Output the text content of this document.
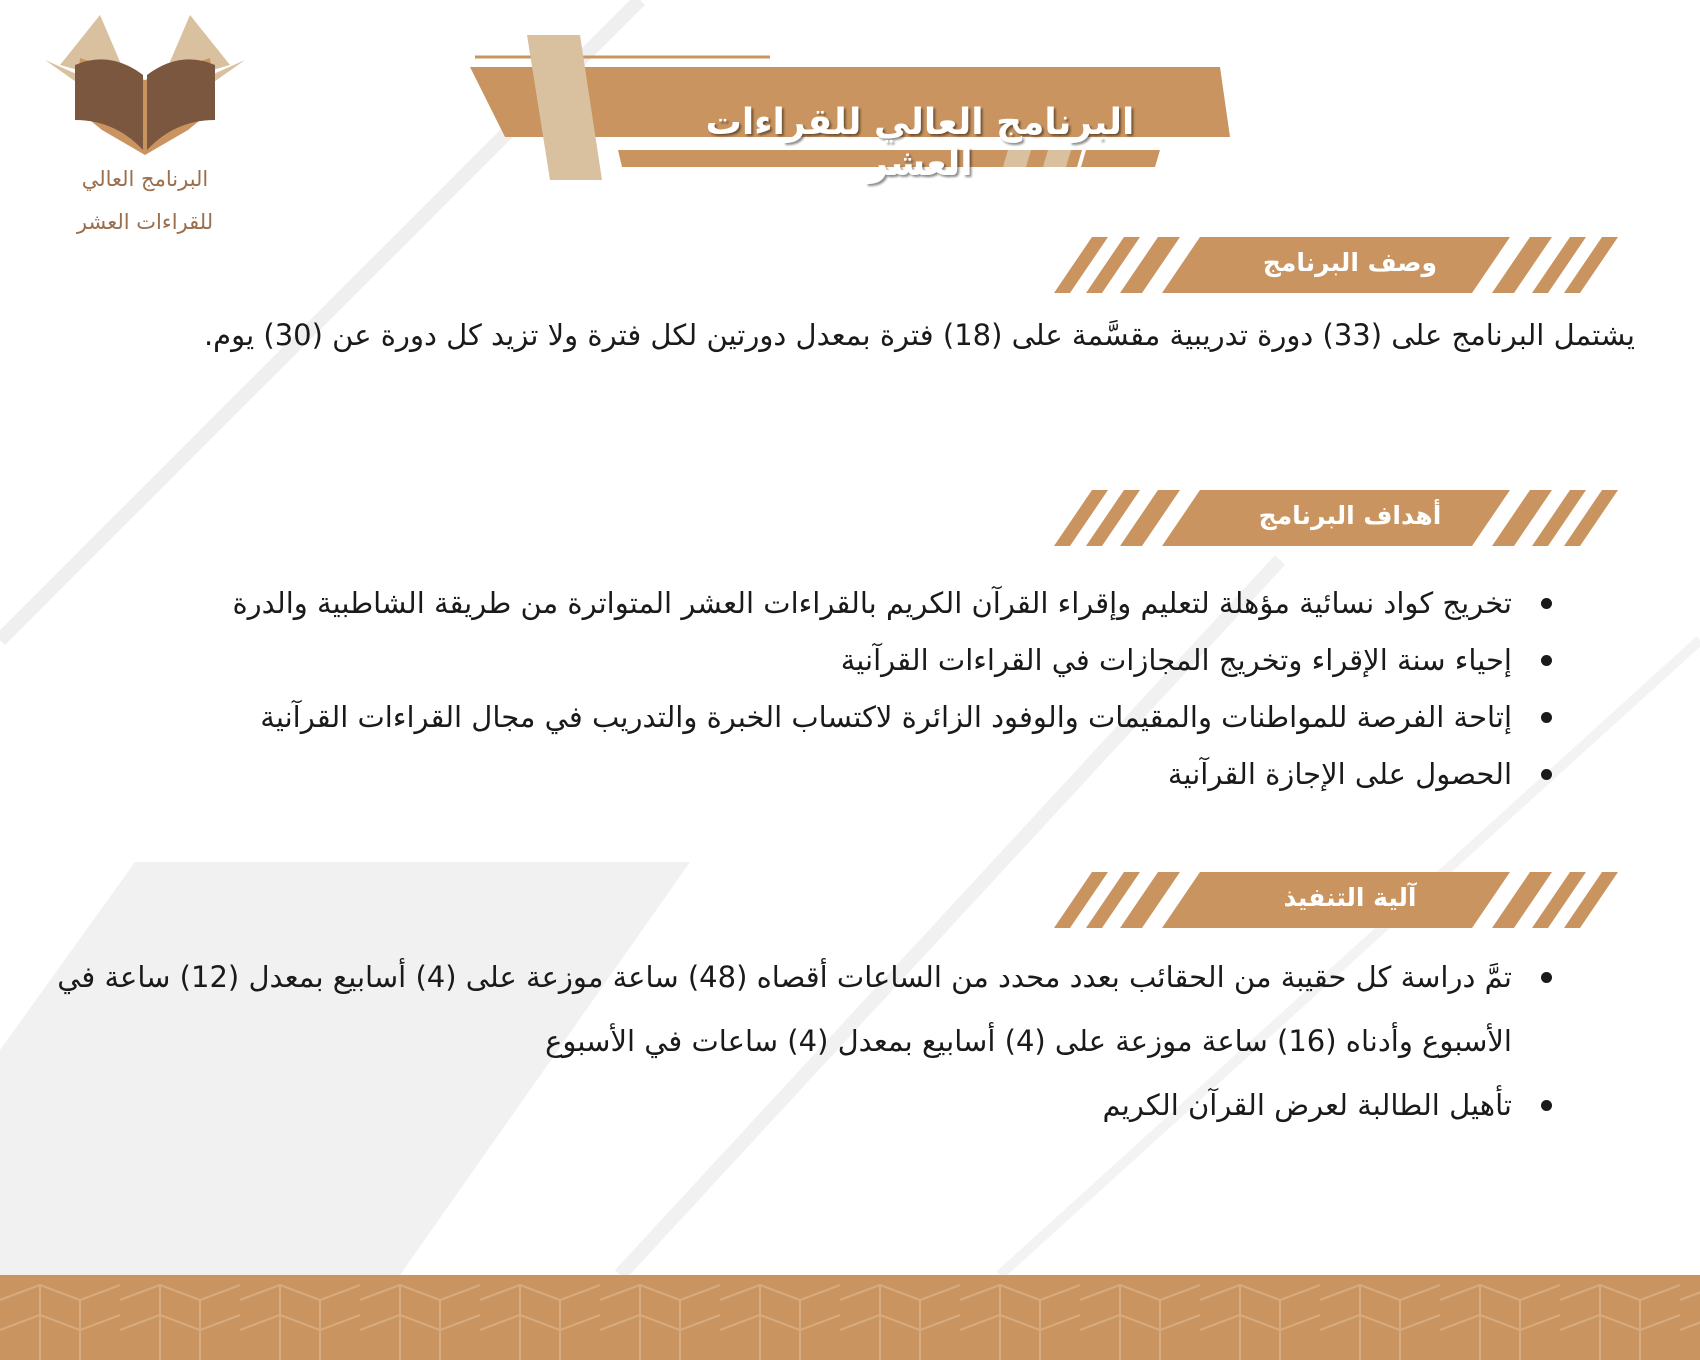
البرنامج العالي
للقراءات العشر
البرنامج العالي للقراءات العشر
وصف البرنامج
يشتمل البرنامج على (33) دورة تدريبية مقسَّمة على (18) فترة بمعدل دورتين لكل فترة ولا تزيد كل دورة عن (30) يوم.
أهداف البرنامج
تخريج كواد نسائية مؤهلة لتعليم وإقراء القرآن الكريم بالقراءات العشر المتواترة من طريقة الشاطبية والدرة
إحياء سنة الإقراء وتخريج المجازات في القراءات القرآنية
إتاحة الفرصة للمواطنات والمقيمات والوفود الزائرة لاكتساب الخبرة والتدريب في مجال القراءات القرآنية
الحصول على الإجازة القرآنية
آلية التنفيذ
تمَّ دراسة كل حقيبة من الحقائب بعدد محدد من الساعات أقصاه (48) ساعة موزعة على (4) أسابيع بمعدل (12) ساعة في الأسبوع وأدناه (16) ساعة موزعة على (4) أسابيع بمعدل (4) ساعات في الأسبوع
تأهيل الطالبة لعرض القرآن الكريم
